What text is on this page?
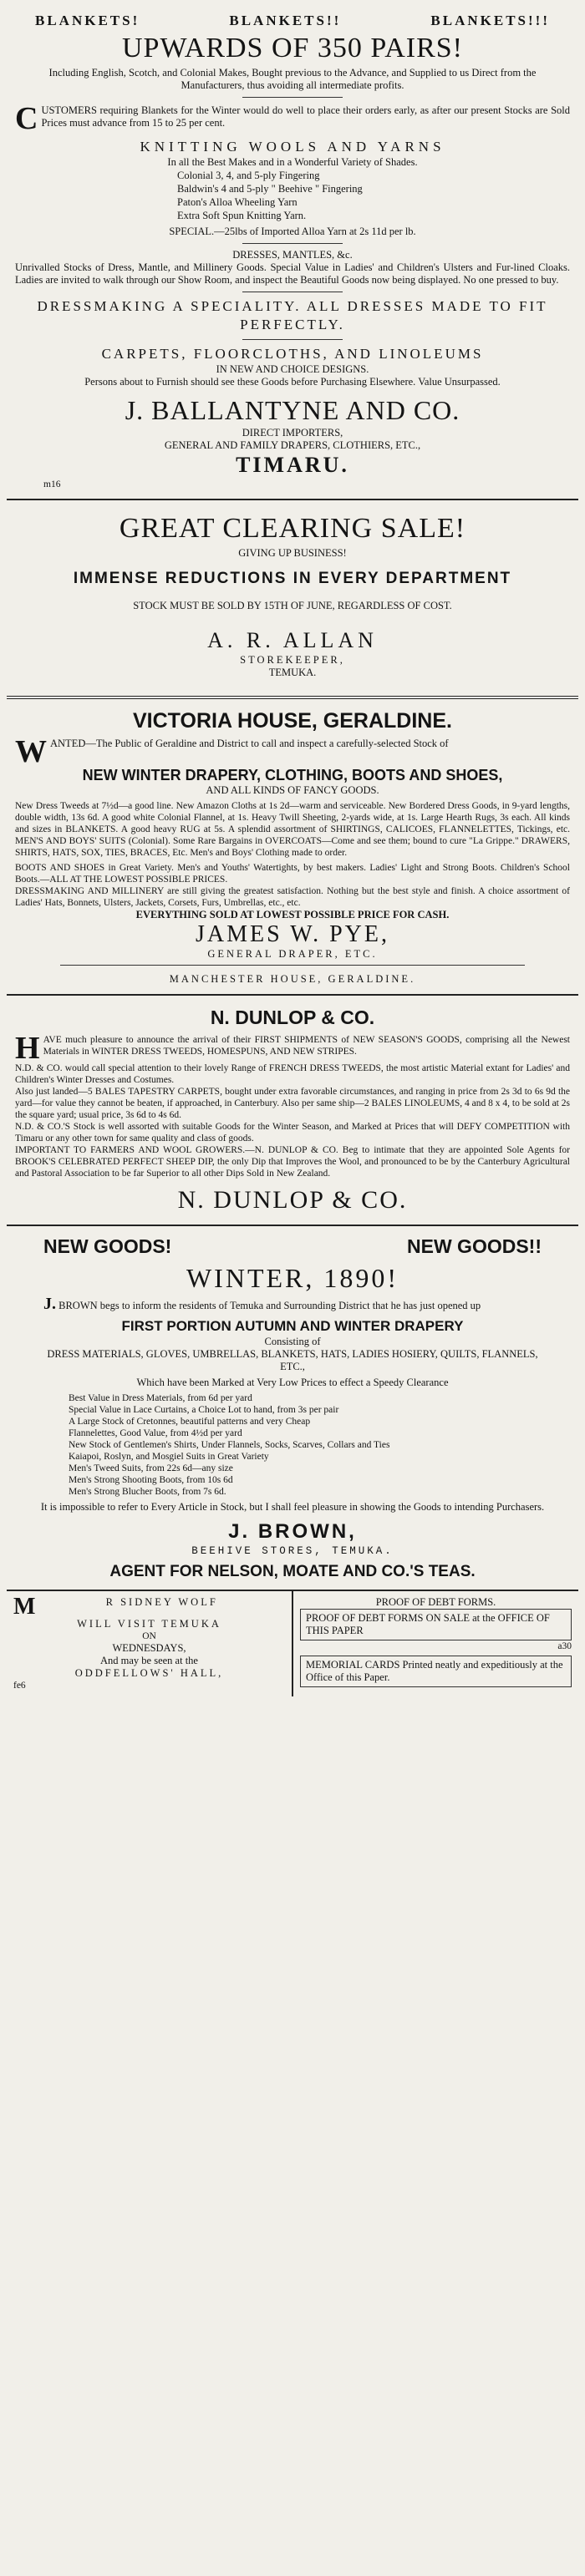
BLANKETS!	BLANKETS!!	BLANKETS!!!
UPWARDS OF 350 PAIRS!
Including English, Scotch, and Colonial Makes, Bought previous to the Advance, and Supplied to us Direct from the Manufacturers, thus avoiding all intermediate profits.
C USTOMERS requiring Blankets for the Winter would do well to place their orders early, as after our present Stocks are Sold Prices must advance from 15 to 25 per cent.
KNITTING WOOLS AND YARNS
In all the Best Makes and in a Wonderful Variety of Shades.
Colonial 3, 4, and 5-ply Fingering
Baldwin's 4 and 5-ply " Beehive " Fingering
Paton's Alloa Wheeling Yarn
Extra Soft Spun Knitting Yarn.
SPECIAL.—25lbs of Imported Alloa Yarn at 2s 11d per lb.
DRESSES, MANTLES, &c.
Unrivalled Stocks of Dress, Mantle, and Millinery Goods. Special Value in Ladies' and Children's Ulsters and Fur-lined Cloaks. Ladies are invited to walk through our Show Room, and inspect the Beautiful Goods now being displayed. No one pressed to buy.
DRESSMAKING A SPECIALITY. ALL DRESSES MADE TO FIT PERFECTLY.
CARPETS, FLOORCLOTHS, AND LINOLEUMS
IN NEW AND CHOICE DESIGNS.
Persons about to Furnish should see these Goods before Purchasing Elsewhere. Value Unsurpassed.
J. BALLANTYNE AND CO.
DIRECT IMPORTERS,
GENERAL AND FAMILY DRAPERS, CLOTHIERS, ETC.,
TIMARU.
m16
GREAT CLEARING SALE!
GIVING UP BUSINESS!
IMMENSE REDUCTIONS IN EVERY DEPARTMENT
STOCK MUST BE SOLD BY 15TH OF JUNE, REGARDLESS OF COST.
A. R. ALLAN
STOREKEEPER,
TEMUKA.
VICTORIA HOUSE, GERALDINE.
W ANTED—The Public of Geraldine and District to call and inspect a carefully-selected Stock of
NEW WINTER DRAPERY, CLOTHING, BOOTS AND SHOES,
AND ALL KINDS OF FANCY GOODS.
New Dress Tweeds at 7½d—a good line. New Amazon Cloths at 1s 2d—warm and serviceable. New Bordered Dress Goods, in 9-yard lengths, double width, 13s 6d. A good white Colonial Flannel, at 1s. Heavy Twill Sheeting, 2-yards wide, at 1s. Large Hearth Rugs, 3s each. All kinds and sizes in BLANKETS. A good heavy RUG at 5s. A splendid assortment of SHIRTINGS, CALICOES, FLANNELETTES, Tickings, etc. MEN'S AND BOYS' SUITS (Colonial). Some Rare Bargains in OVERCOATS—Come and see them; bound to cure "La Grippe." DRAWERS, SHIRTS, HATS, SOX, TIES, BRACES, Etc. Men's and Boys' Clothing made to order.
BOOTS AND SHOES in Great Variety. Men's and Youths' Watertights, by best makers. Ladies' Light and Strong Boots. Children's School Boots.—ALL AT THE LOWEST POSSIBLE PRICES.
DRESSMAKING AND MILLINERY are still giving the greatest satisfaction. Nothing but the best style and finish. A choice assortment of Ladies' Hats, Bonnets, Ulsters, Jackets, Corsets, Furs, Umbrellas, etc., etc.
EVERYTHING SOLD AT LOWEST POSSIBLE PRICE FOR CASH.
JAMES W. PYE,
GENERAL DRAPER, ETC.
MANCHESTER HOUSE, GERALDINE.
N. DUNLOP & CO.
H AVE much pleasure to announce the arrival of their FIRST SHIPMENTS of NEW SEASON'S GOODS, comprising all the Newest Materials in WINTER DRESS TWEEDS, HOMESPUNS, AND NEW STRIPES.
N.D. & CO. would call special attention to their lovely Range of FRENCH DRESS TWEEDS, the most artistic Material extant for Ladies' and Children's Winter Dresses and Costumes.
Also just landed—5 BALES TAPESTRY CARPETS, bought under extra favorable circumstances, and ranging in price from 2s 3d to 6s 9d the yard—for value they cannot be beaten, if approached, in Canterbury. Also per same ship—2 BALES LINOLEUMS, 4 and 8 x 4, to be sold at 2s the square yard; usual price, 3s 6d to 4s 6d.
N.D. & CO.'S Stock is well assorted with suitable Goods for the Winter Season, and Marked at Prices that will DEFY COMPETITION with Timaru or any other town for same quality and class of goods.
IMPORTANT TO FARMERS AND WOOL GROWERS.—N. DUNLOP & CO. Beg to intimate that they are appointed Sole Agents for BROOK'S CELEBRATED PERFECT SHEEP DIP, the only Dip that Improves the Wool, and pronounced to be by the Canterbury Agricultural and Pastoral Association to be far Superior to all other Dips Sold in New Zealand.
N. DUNLOP & CO.
NEW GOODS!	NEW GOODS!!
WINTER, 1890!
J. BROWN begs to inform the residents of Temuka and Surrounding District that he has just opened up
FIRST PORTION AUTUMN AND WINTER DRAPERY
Consisting of
DRESS MATERIALS, GLOVES, UMBRELLAS, BLANKETS, HATS, LADIES HOSIERY, QUILTS, FLANNELS, ETC.,
Which have been Marked at Very Low Prices to effect a Speedy Clearance
Best Value in Dress Materials, from 6d per yard
Special Value in Lace Curtains, a Choice Lot to hand, from 3s per pair
A Large Stock of Cretonnes, beautiful patterns and very Cheap
Flannelettes, Good Value, from 4½d per yard
New Stock of Gentlemen's Shirts, Under Flannels, Socks, Scarves, Collars and Ties
Kaiapoi, Roslyn, and Mosgiel Suits in Great Variety
Men's Tweed Suits, from 22s 6d—any size
Men's Strong Shooting Boots, from 10s 6d
Men's Strong Blucher Boots, from 7s 6d.
It is impossible to refer to Every Article in Stock, but I shall feel pleasure in showing the Goods to intending Purchasers.
J. BROWN,
BEEHIVE STORES, TEMUKA.
AGENT FOR NELSON, MOATE AND CO.'S TEAS.
M	R SIDNEY WOLF
WILL VISIT TEMUKA
ON
WEDNESDAYS,
And may be seen at the
ODDFELLOWS' HALL,
fe6
PROOF OF DEBT FORMS.
PROOF OF DEBT FORMS ON SALE at the OFFICE OF THIS PAPER
a30
MEMORIAL CARDS Printed neatly and expeditiously at the Office of this Paper.
